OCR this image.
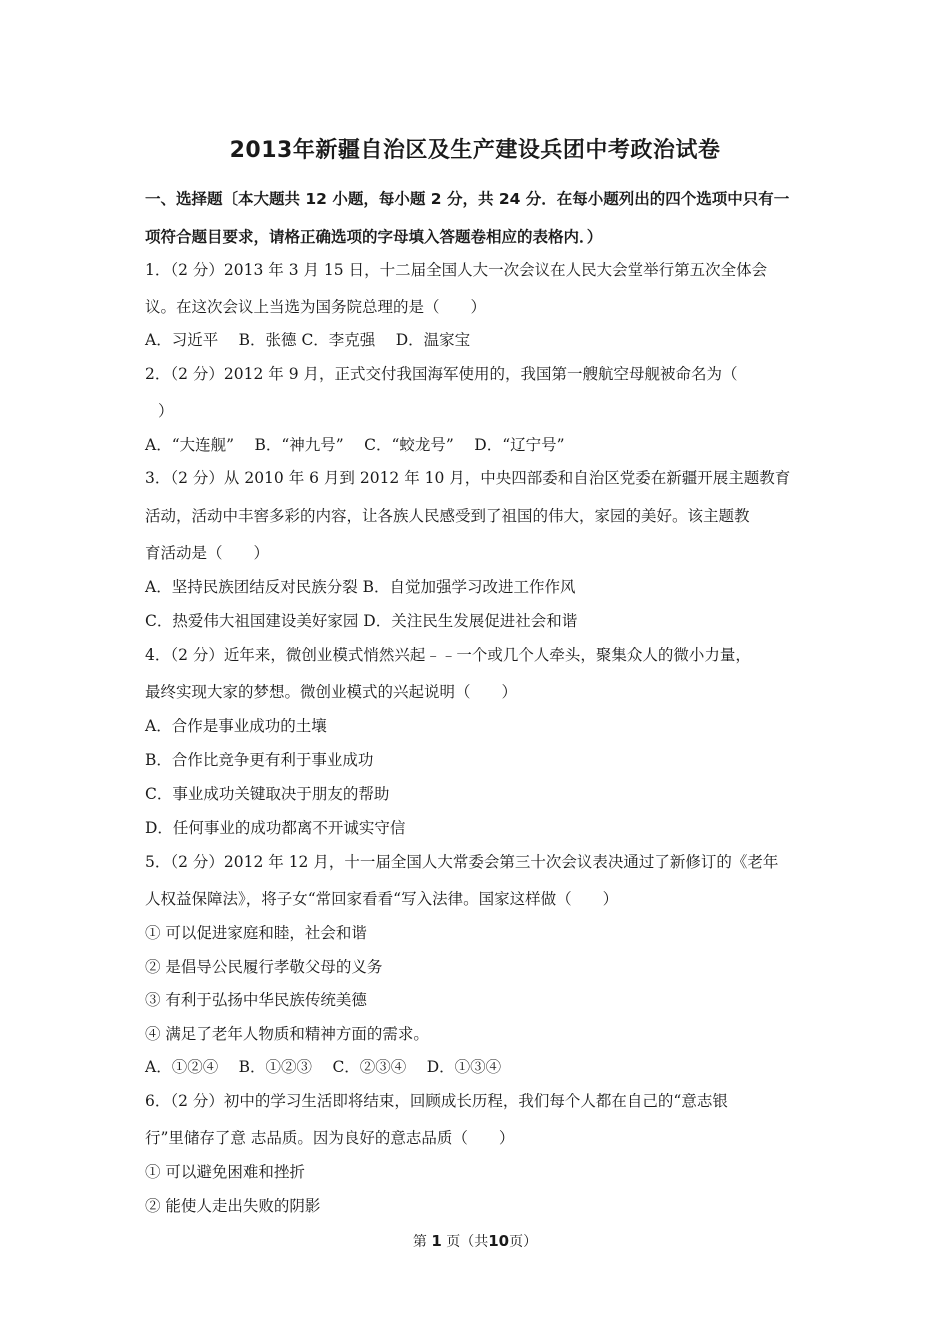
2013年新疆自治区及生产建设兵团中考政治试卷
一、选择题〔本大题共 12 小题，每小题 2 分，共 24 分．在每小题列出的四个选项中只有一
项符合题目要求，请格正确选项的字母填入答题卷相应的表格内．）
1．（2 分）2013 年 3 月 15 日，十二届全国人大一次会议在人民大会堂举行第五次全体会
议。在这次会议上当选为国务院总理的是（　　）
A．习近平　 B．张德 C．李克强　 D．温家宝
2．（2 分）2012 年 9 月，正式交付我国海军使用的，我国第一艘航空母舰被命名为（
）
A．“大连舰”　 B．“神九号”　 C．“蛟龙号”　 D．“辽宁号”
3．（2 分）从 2010 年 6 月到 2012 年 10 月，中央四部委和自治区党委在新疆开展主题教育
活动，活动中丰窖多彩的内容，让各族人民感受到了祖国的伟大，家园的美好。该主题教
育活动是（　　）
A．坚持民族团结反对民族分裂 B．自觉加强学习改进工作作风
C．热爱伟大祖国建设美好家园 D．关注民生发展促进社会和谐
4．（2 分）近年来，微创业模式悄然兴起﹣﹣一个或几个人牵头，聚集众人的微小力量，
最终实现大家的梦想。微创业模式的兴起说明（　　）
A．合作是事业成功的土壤
B．合作比竞争更有利于事业成功
C．事业成功关键取决于朋友的帮助
D．任何事业的成功都离不开诚实守信
5．（2 分）2012 年 12 月，十一届全国人大常委会第三十次会议表决通过了新修订的《老年
人权益保障法》，将子女“常回家看看“写入法律。国家这样做（　　）
① 可以促进家庭和睦，社会和谐
② 是倡导公民履行孝敬父母的义务
③ 有利于弘扬中华民族传统美德
④ 满足了老年人物质和精神方面的需求。
A．①②④　 B．①②③　 C．②③④　 D．①③④
6．（2 分）初中的学习生活即将结束，回顾成长历程，我们每个人都在自己的“意志银
行”里储存了意 志品质。因为良好的意志品质（　　）
① 可以避免困难和挫折
② 能使人走出失败的阴影
第 1 页（共10页）
